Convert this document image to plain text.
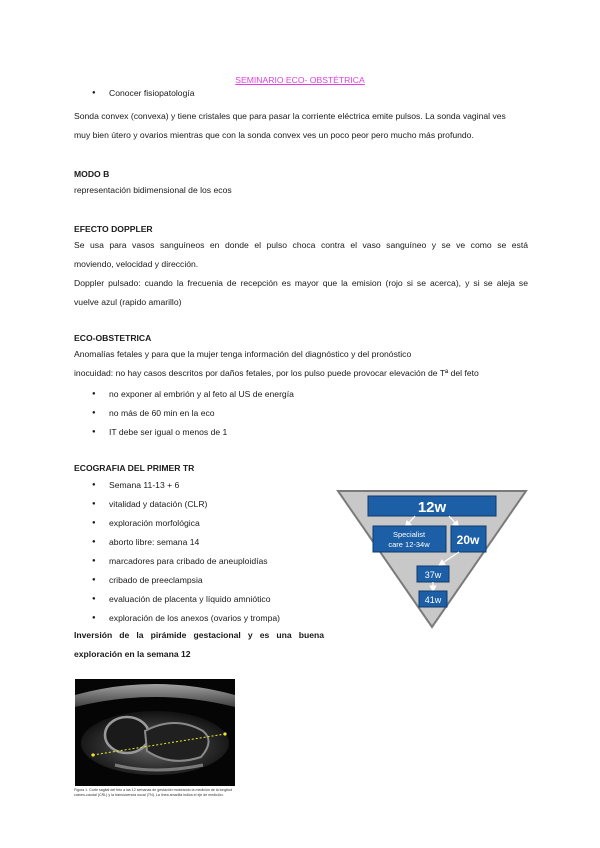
SEMINARIO ECO- OBSTÉTRICA
● Conocer fisiopatología
Sonda convex (convexa) y tiene cristales que para pasar la corriente eléctrica emite pulsos. La sonda vaginal ves
muy bien útero y ovarios mientras que con la sonda convex ves un poco peor pero mucho más profundo.
MODO B
representación bidimensional de los ecos
EFECTO DOPPLER
Se usa para vasos sanguíneos en donde el pulso choca contra el vaso sanguíneo y se ve como se está
moviendo, velocidad y dirección.
Doppler pulsado: cuando la frecuenia de recepción es mayor que la emision (rojo si se acerca), y si se aleja se
vuelve azul (rapido amarillo)
ECO-OBSTETRICA
Anomalías fetales y para que la mujer tenga información del diagnóstico y del pronóstico
inocuidad: no hay casos descritos por daños fetales, por los pulso puede provocar elevación de Tª del feto
● no exponer al embrión y al feto al US de energía
● no más de 60 min en la eco
● IT debe ser igual o menos de 1
ECOGRAFIA DEL PRIMER TR
● Semana 11-13 + 6
● vitalidad y datación (CLR)
● exploración morfológica
● aborto libre: semana 14
● marcadores para cribado de aneuploidías
● cribado de preeclampsia
● evaluación de placenta y líquido amniótico
● exploración de los anexos (ovarios y trompa)
Inversión de la pirámide gestacional y es una buena
exploración en la semana 12
12w
Specialist
care 12-34w 20w
37w
41w
Figura 1. Corte sagital del feto a las 12 semanas de gestación mostrando la medición de la longitud cráneo-caudal (CRL) y la translucencia nucal (TN). La línea amarilla indica el eje de medición.
